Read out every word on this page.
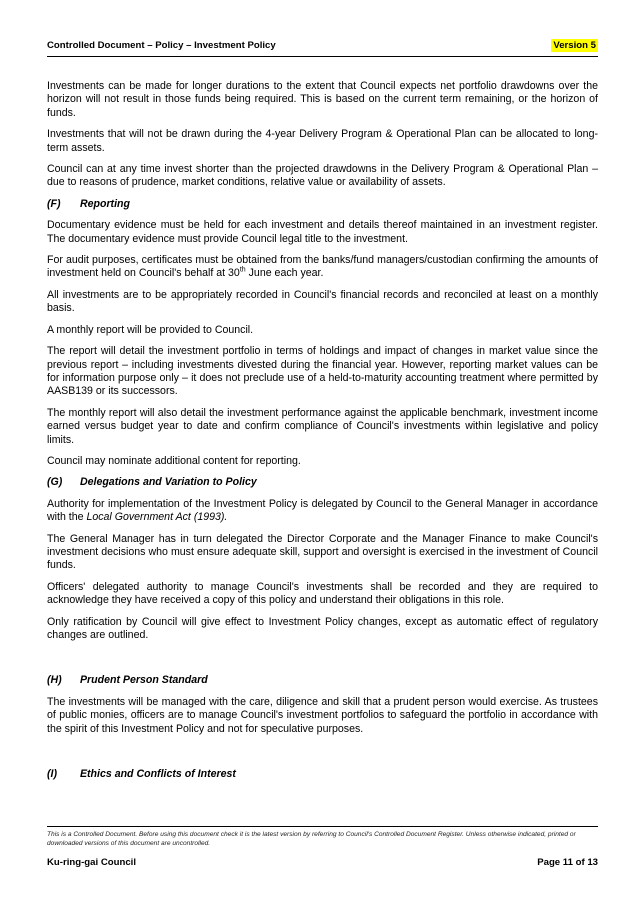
Controlled Document – Policy – Investment Policy	Version 5

Investments can be made for longer durations to the extent that Council expects net portfolio drawdowns over the horizon will not result in those funds being required. This is based on the current term remaining, or the horizon of funds.

Investments that will not be drawn during the 4-year Delivery Program & Operational Plan can be allocated to long-term assets.

Council can at any time invest shorter than the projected drawdowns in the Delivery Program & Operational Plan – due to reasons of prudence, market conditions, relative value or availability of assets.

(F) Reporting

Documentary evidence must be held for each investment and details thereof maintained in an investment register. The documentary evidence must provide Council legal title to the investment.

For audit purposes, certificates must be obtained from the banks/fund managers/custodian confirming the amounts of investment held on Council's behalf at 30th June each year.

All investments are to be appropriately recorded in Council's financial records and reconciled at least on a monthly basis.

A monthly report will be provided to Council.

The report will detail the investment portfolio in terms of holdings and impact of changes in market value since the previous report – including investments divested during the financial year. However, reporting market values can be for information purpose only – it does not preclude use of a held-to-maturity accounting treatment where permitted by AASB139 or its successors.

The monthly report will also detail the investment performance against the applicable benchmark, investment income earned versus budget year to date and confirm compliance of Council's investments within legislative and policy limits.

Council may nominate additional content for reporting.

(G) Delegations and Variation to Policy

Authority for implementation of the Investment Policy is delegated by Council to the General Manager in accordance with the Local Government Act (1993).

The General Manager has in turn delegated the Director Corporate and the Manager Finance to make Council's investment decisions who must ensure adequate skill, support and oversight is exercised in the investment of Council funds.

Officers' delegated authority to manage Council's investments shall be recorded and they are required to acknowledge they have received a copy of this policy and understand their obligations in this role.

Only ratification by Council will give effect to Investment Policy changes, except as automatic effect of regulatory changes are outlined.

(H) Prudent Person Standard

The investments will be managed with the care, diligence and skill that a prudent person would exercise. As trustees of public monies, officers are to manage Council's investment portfolios to safeguard the portfolio in accordance with the spirit of this Investment Policy and not for speculative purposes.

(I) Ethics and Conflicts of Interest
This is a Controlled Document. Before using this document check it is the latest version by referring to Council's Controlled Document Register. Unless otherwise indicated, printed or downloaded versions of this document are uncontrolled.
Ku-ring-gai Council	Page 11 of 13
